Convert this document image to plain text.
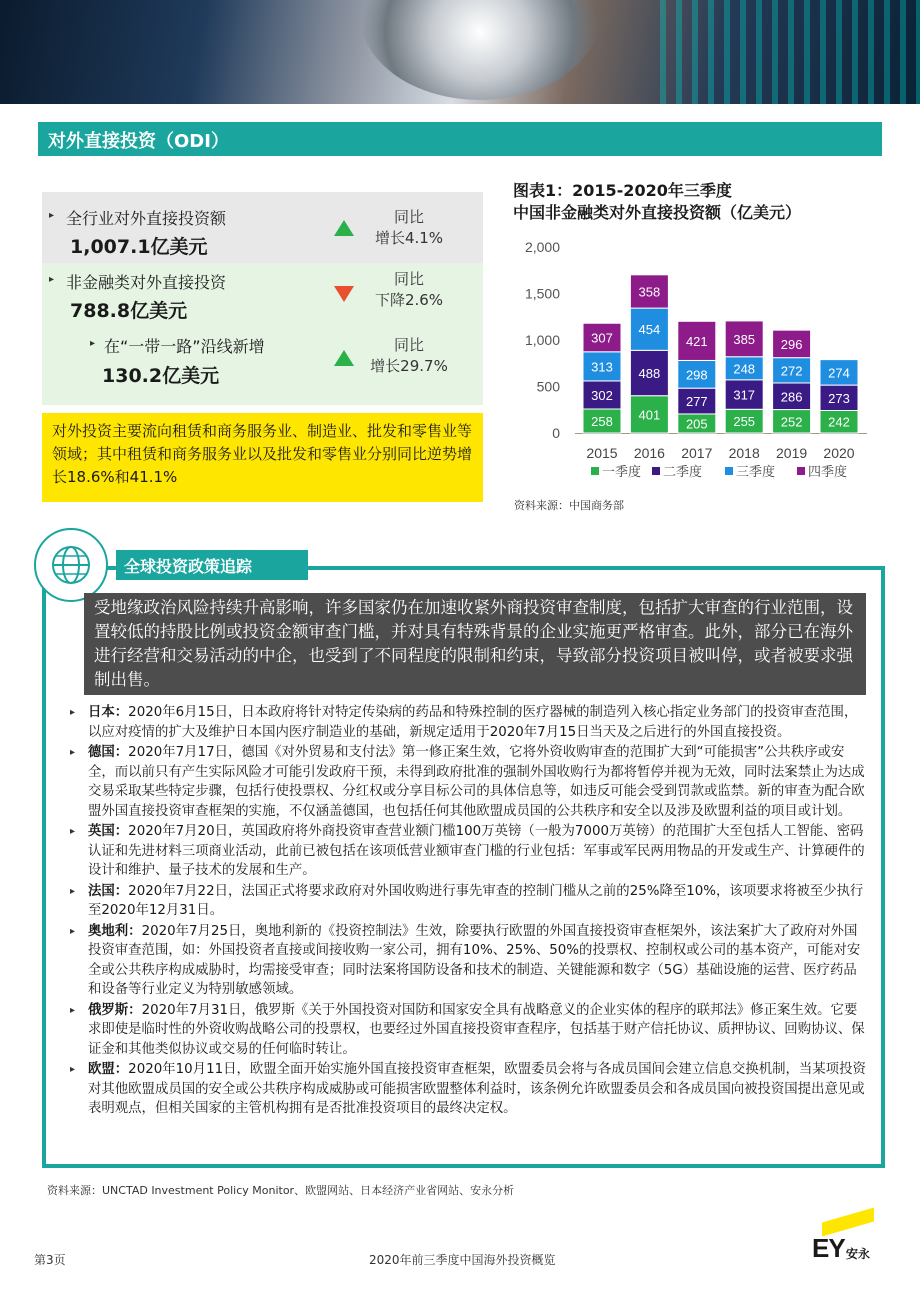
对外直接投资（ODI）
▸ 全行业对外直接投资额
1,007.1亿美元
同比
增长4.1%
▸ 非金融类对外直接投资
788.8亿美元
同比
下降2.6%
▸ 在“一带一路”沿线新增
130.2亿美元
同比
增长29.7%

对外投资主要流向租赁和商务服务业、制造业、批发和零售业等领域；其中租赁和商务服务业以及批发和零售业分别同比逆势增长18.6%和41.1%

图表1：2015-2020年三季度
中国非金融类对外直接投资额（亿美元）
0
500
1,000
1,500
2,000
258
302
313
307
2015
401
488
454
358
2016
205
277
298
421
2017
255
317
248
385
2018
252
286
272
296
2019
242
273
274
2020
一季度 二季度	三季度	四季度
资料来源：中国商务部
全球投资政策追踪

受地缘政治风险持续升高影响，许多国家仍在加速收紧外商投资审查制度，包括扩大审查的行业范围，设置较低的持股比例或投资金额审查门槛，并对具有特殊背景的企业实施更严格审查。此外，部分已在海外进行经营和交易活动的中企，也受到了不同程度的限制和约束，导致部分投资项目被叫停，或者被要求强制出售。

▸ 日本：2020年6月15日，日本政府将针对特定传染病的药品和特殊控制的医疗器械的制造列入核心指定业务部门的投资审查范围，以应对疫情的扩大及维护日本国内医疗制造业的基础，新规定适用于2020年7月15日当天及之后进行的外国直接投资。
▸ 德国：2020年7月17日，德国《对外贸易和支付法》第一修正案生效，它将外资收购审查的范围扩大到“可能损害”公共秩序或安全，而以前只有产生实际风险才可能引发政府干预，未得到政府批准的强制外国收购行为都将暂停并视为无效，同时法案禁止为达成交易采取某些特定步骤，包括行使投票权、分红权或分享目标公司的具体信息等，如违反可能会受到罚款或监禁。新的审查为配合欧盟外国直接投资审查框架的实施，不仅涵盖德国，也包括任何其他欧盟成员国的公共秩序和安全以及涉及欧盟利益的项目或计划。
▸ 英国：2020年7月20日，英国政府将外商投资审查营业额门槛100万英镑（一般为7000万英镑）的范围扩大至包括人工智能、密码认证和先进材料三项商业活动，此前已被包括在该项低营业额审查门槛的行业包括：军事或军民两用物品的开发或生产、计算硬件的设计和维护、量子技术的发展和生产。
▸ 法国：2020年7月22日，法国正式将要求政府对外国收购进行事先审查的控制门槛从之前的25%降至10%，该项要求将被至少执行至2020年12月31日。
▸ 奥地利：2020年7月25日，奥地利新的《投资控制法》生效，除要执行欧盟的外国直接投资审查框架外，该法案扩大了政府对外国投资审查范围，如：外国投资者直接或间接收购一家公司，拥有10%、25%、50%的投票权、控制权或公司的基本资产，可能对安全或公共秩序构成威胁时，均需接受审查；同时法案将国防设备和技术的制造、关键能源和数字（5G）基础设施的运营、医疗药品和设备等行业定义为特别敏感领域。
▸ 俄罗斯：2020年7月31日，俄罗斯《关于外国投资对国防和国家安全具有战略意义的企业实体的程序的联邦法》修正案生效。它要求即使是临时性的外资收购战略公司的投票权，也要经过外国直接投资审查程序，包括基于财产信托协议、质押协议、回购协议、保证金和其他类似协议或交易的任何临时转让。
▸ 欧盟：2020年10月11日，欧盟全面开始实施外国直接投资审查框架，欧盟委员会将与各成员国间会建立信息交换机制，当某项投资对其他欧盟成员国的安全或公共秩序构成威胁或可能损害欧盟整体利益时，该条例允许欧盟委员会和各成员国向被投资国提出意见或表明观点，但相关国家的主管机构拥有是否批准投资项目的最终决定权。
资料来源：UNCTAD Investment Policy Monitor、欧盟网站、日本经济产业省网站、安永分析
第3页	2020年前三季度中国海外投资概览	EY 安永
